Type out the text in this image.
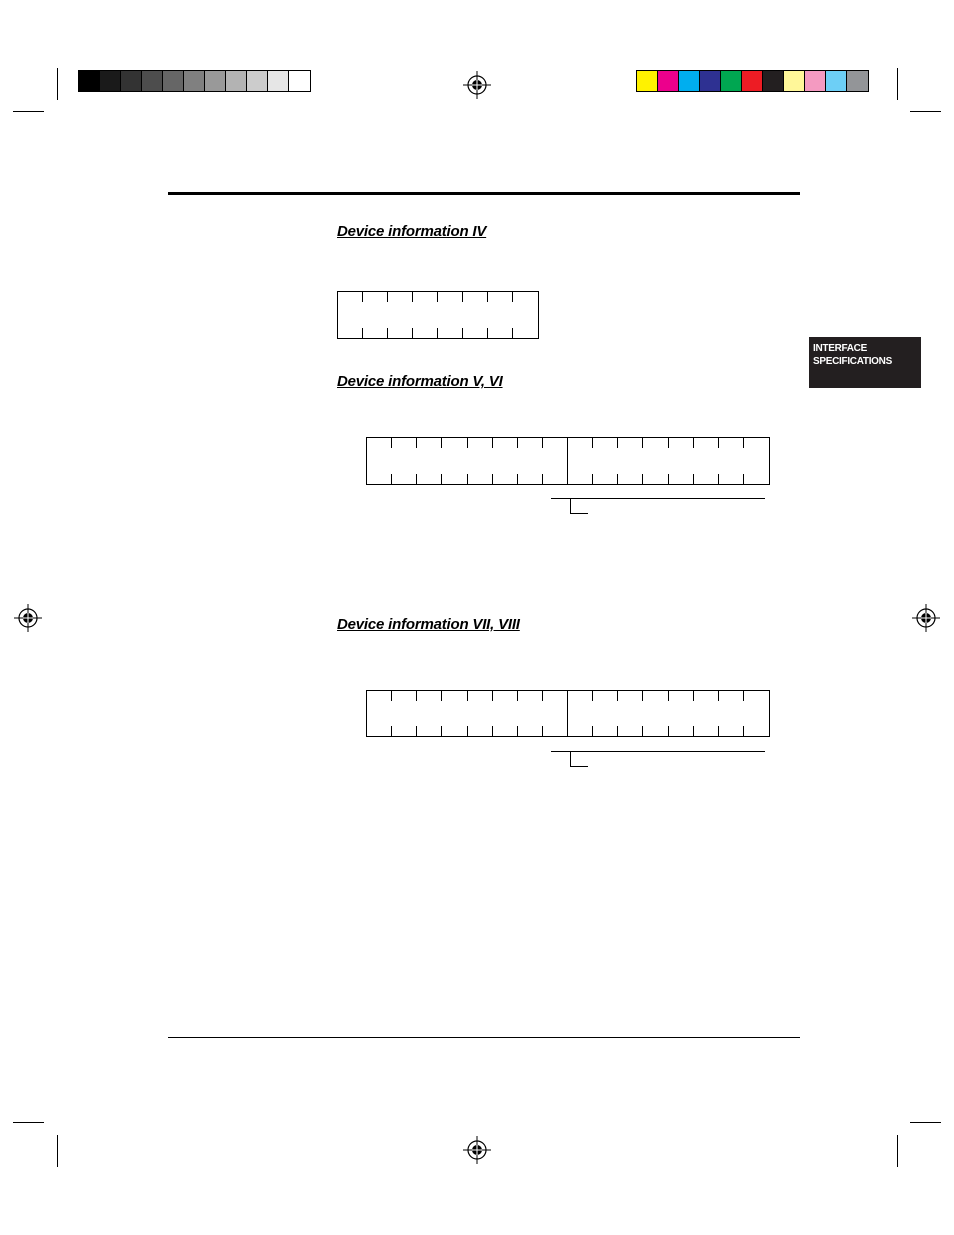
INTERFACE
SPECIFICATIONS
Device information IV
Device information V, VI
Device information VII, VIII
